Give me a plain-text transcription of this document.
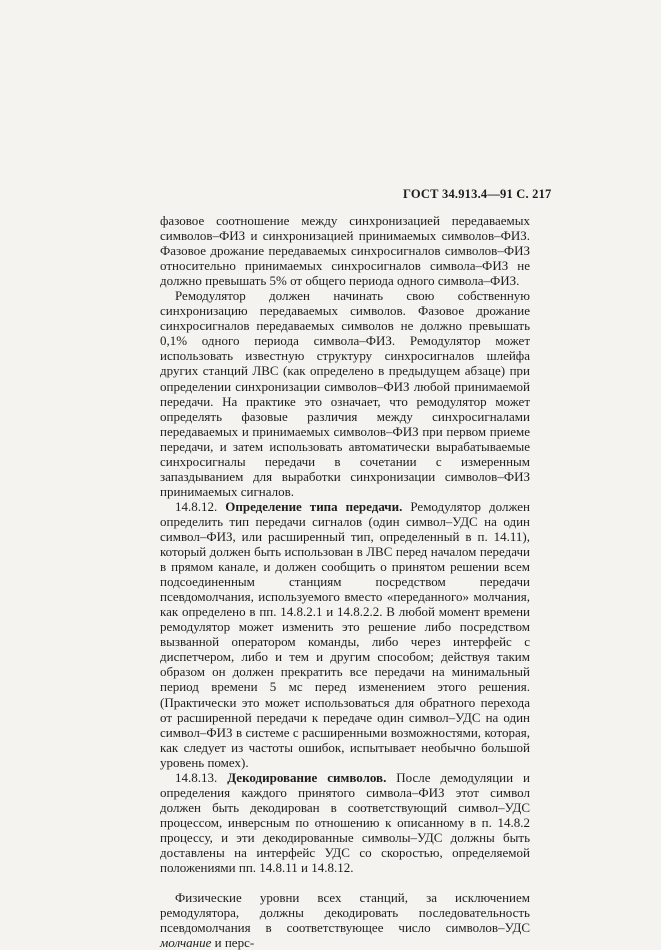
ГОСТ 34.913.4—91 С. 217

фазовое соотношение между синхронизацией передаваемых символов–ФИЗ и синхронизацией принимаемых символов–ФИЗ. Фазовое дрожание передаваемых синхросигналов символов–ФИЗ относительно принимаемых синхросигналов символа–ФИЗ не должно превышать 5% от общего периода одного символа–ФИЗ.

Ремодулятор должен начинать свою собственную синхронизацию передаваемых символов. Фазовое дрожание синхросигналов передаваемых символов не должно превышать 0,1% одного периода символа–ФИЗ. Ремодулятор может использовать известную структуру синхросигналов шлейфа других станций ЛВС (как определено в предыдущем абзаце) при определении синхронизации символов–ФИЗ любой принимаемой передачи. На практике это означает, что ремодулятор может определять фазовые различия между синхросигналами передаваемых и принимаемых символов–ФИЗ при первом приеме передачи, и затем использовать автоматически вырабатываемые синхросигналы передачи в сочетании с измеренным запаздыванием для выработки синхронизации символов–ФИЗ принимаемых сигналов.

14.8.12. Определение типа передачи. Ремодулятор должен определить тип передачи сигналов (один символ–УДС на один символ–ФИЗ, или расширенный тип, определенный в п. 14.11), который должен быть использован в ЛВС перед началом передачи в прямом канале, и должен сообщить о принятом решении всем подсоединенным станциям посредством передачи псевдомолчания, используемого вместо «переданного» молчания, как определено в пп. 14.8.2.1 и 14.8.2.2. В любой момент времени ремодулятор может изменить это решение либо посредством вызванной оператором команды, либо через интерфейс с диспетчером, либо и тем и другим способом; действуя таким образом он должен прекратить все передачи на минимальный период времени 5 мс перед изменением этого решения. (Практически это может использоваться для обратного перехода от расширенной передачи к передаче один символ–УДС на один символ–ФИЗ в системе с расширенными возможностями, которая, как следует из частоты ошибок, испытывает необычно большой уровень помех).

14.8.13. Декодирование символов. После демодуляции и определения каждого принятого символа–ФИЗ этот символ должен быть декодирован в соответствующий символ–УДС процессом, инверсным по отношению к описанному в п. 14.8.2 процессу, и эти декодированные символы–УДС должны быть доставлены на интерфейс УДС со скоростью, определяемой положениями пп. 14.8.11 и 14.8.12.

Физические уровни всех станций, за исключением ремодулятора, должны декодировать последовательность псевдомолчания в соответствующее число символов–УДС молчание и перс-
